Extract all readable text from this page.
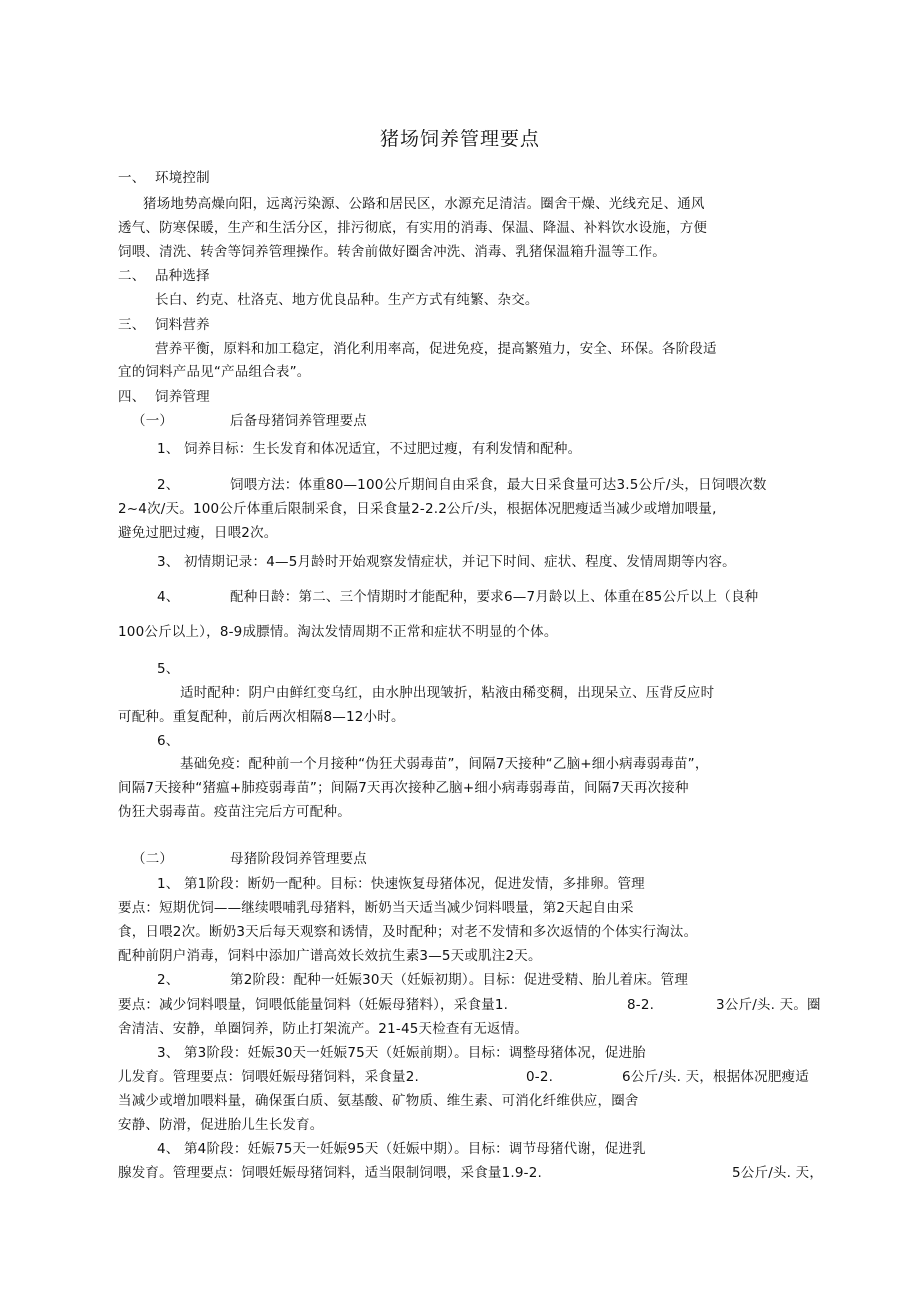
猪场饲养管理要点
一、 环境控制
猪场地势高燥向阳，远离污染源、公路和居民区，水源充足清洁。圈舍干燥、光线充足、通风
透气、防寒保暖，生产和生活分区，排污彻底，有实用的消毒、保温、降温、补料饮水设施，方便
饲喂、清洗、转舍等饲养管理操作。转舍前做好圈舍冲洗、消毒、乳猪保温箱升温等工作。
二、 品种选择
长白、约克、杜洛克、地方优良品种。生产方式有纯繁、杂交。
三、 饲料营养
营养平衡，原料和加工稳定，消化利用率高，促进免疫，提高繁殖力，安全、环保。各阶段适
宜的饲料产品见“产品组合表”。
四、 饲养管理
（一）	后备母猪饲养管理要点
1、 饲养目标：生长发育和体况适宜，不过肥过瘦，有利发情和配种。
2、	饲喂方法：体重80—100公斤期间自由采食，最大日采食量可达3.5公斤/头，日饲喂次数
2~4次/天。100公斤体重后限制采食，日采食量2-2.2公斤/头，根据体况肥瘦适当减少或增加喂量,
避免过肥过瘦，日喂2次。
3、 初情期记录：4—5月龄时开始观察发情症状，并记下时间、症状、程度、发情周期等内容。
4、	配种日龄：第二、三个情期时才能配种，要求6—7月龄以上、体重在85公斤以上（良种
100公斤以上），8-9成膘情。淘汰发情周期不正常和症状不明显的个体。
5、
适时配种：阴户由鲜红变乌红，由水肿出现皱折，粘液由稀变稠，出现呆立、压背反应时
可配种。重复配种，前后两次相隔8—12小时。
6、
基础免疫：配种前一个月接种“伪狂犬弱毒苗”，间隔7天接种“乙脑+细小病毒弱毒苗”，
间隔7天接种“猪瘟+肺疫弱毒苗”；间隔7天再次接种乙脑+细小病毒弱毒苗，间隔7天再次接种
伪狂犬弱毒苗。疫苗注完后方可配种。
（二）	母猪阶段饲养管理要点
1、 第1阶段：断奶一配种。目标：快速恢复母猪体况，促进发情，多排卵。管理
要点：短期优饲——继续喂哺乳母猪料，断奶当天适当减少饲料喂量，第2天起自由采
食，日喂2次。断奶3天后每天观察和诱情，及时配种；对老不发情和多次返情的个体实行淘汰。
配种前阴户消毒，饲料中添加广谱高效长效抗生素3—5天或肌注2天。
2、	第2阶段：配种一妊娠30天（妊娠初期）。目标：促进受精、胎儿着床。管理
要点：减少饲料喂量，饲喂低能量饲料（妊娠母猪料），采食量1.	8-2.	3公斤/头. 天。圈
舍清洁、安静，单圈饲养，防止打架流产。21-45天检查有无返情。
3、 第3阶段：妊娠30天一妊娠75天（妊娠前期）。目标：调整母猪体况，促进胎
儿发育。管理要点：饲喂妊娠母猪饲料，采食量2.	0-2.	6公斤/头. 天，根据体况肥瘦适
当减少或增加喂料量，确保蛋白质、氨基酸、矿物质、维生素、可消化纤维供应，圈舍
安静、防滑，促进胎儿生长发育。
4、 第4阶段：妊娠75天一妊娠95天（妊娠中期）。目标：调节母猪代谢，促进乳
腺发育。管理要点：饲喂妊娠母猪饲料，适当限制饲喂，采食量1.9-2.	5公斤/头. 天，
